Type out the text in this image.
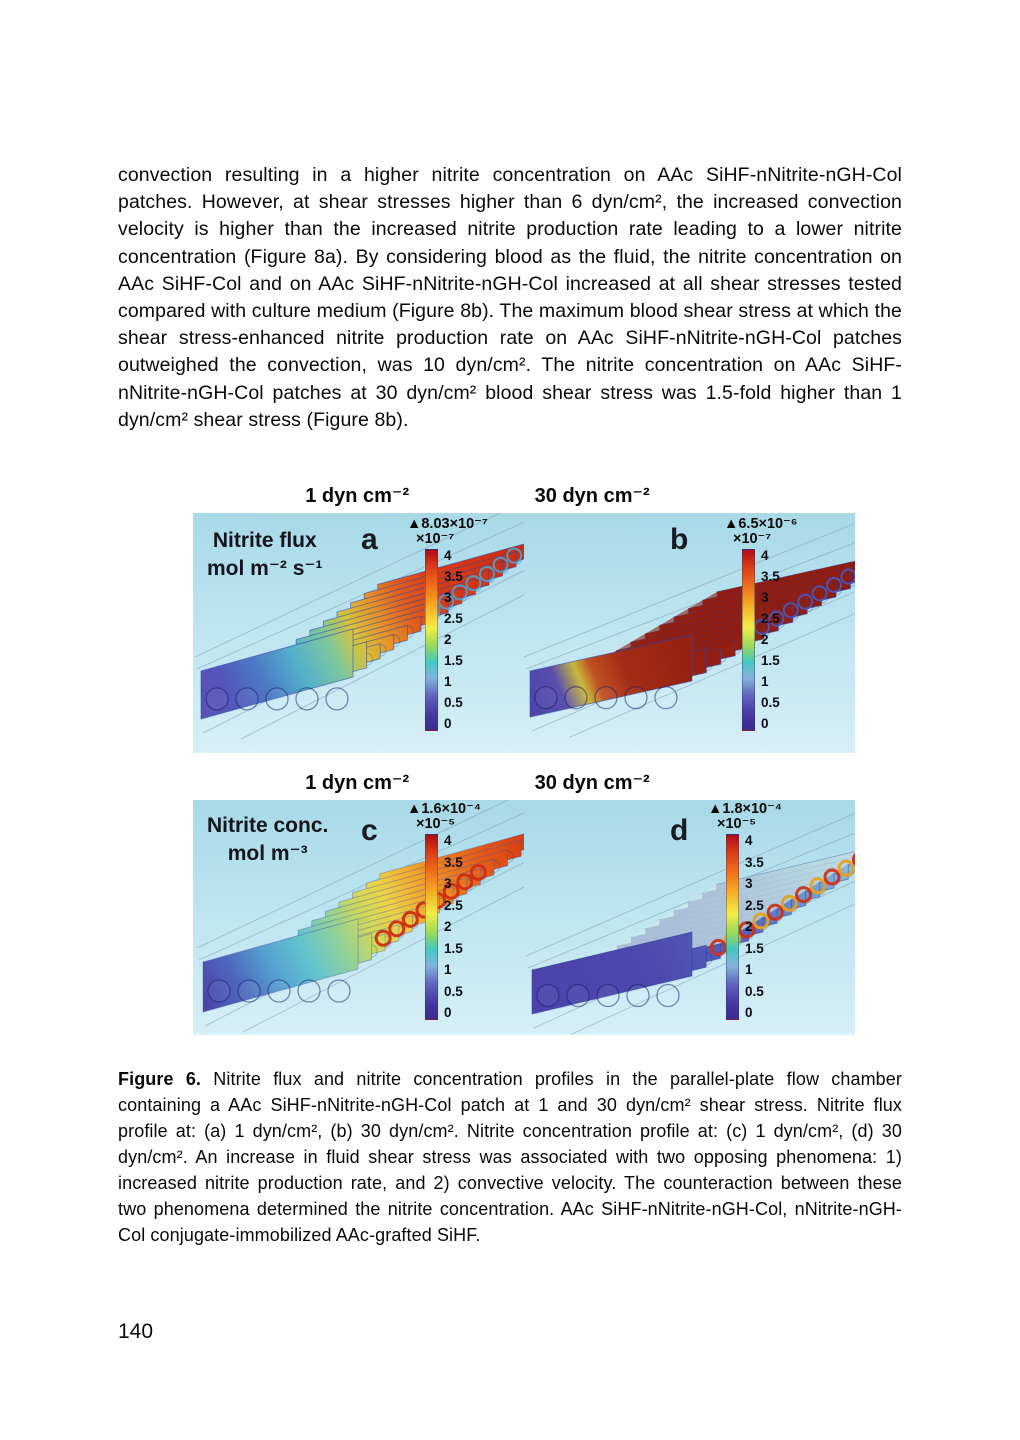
convection resulting in a higher nitrite concentration on AAc SiHF-nNitrite-nGH-Col patches. However, at shear stresses higher than 6 dyn/cm², the increased convection velocity is higher than the increased nitrite production rate leading to a lower nitrite concentration (Figure 8a). By considering blood as the fluid, the nitrite concentration on AAc SiHF-Col and on AAc SiHF-nNitrite-nGH-Col increased at all shear stresses tested compared with culture medium (Figure 8b). The maximum blood shear stress at which the shear stress-enhanced nitrite production rate on AAc SiHF-nNitrite-nGH-Col patches outweighed the convection, was 10 dyn/cm². The nitrite concentration on AAc SiHF-nNitrite-nGH-Col patches at 30 dyn/cm² blood shear stress was 1.5-fold higher than 1 dyn/cm² shear stress (Figure 8b).

1 dyn cm⁻²	30 dyn cm⁻²
Nitrite flux
mol m⁻² s⁻¹
a ▲8.03×10⁻⁷
×10⁻⁷
4
3.5
3
2.5
2
1.5
1
0.5
0
b ▲6.5×10⁻⁶
×10⁻⁷
4
3.5
3
2.5
2
1.5
1
0.5
0
1 dyn cm⁻²	30 dyn cm⁻²
Nitrite conc.
mol m⁻³
c
▲1.6×10⁻⁴
×10⁻⁵
4
3.5
3
2.5
2
1.5
1
0.5
0
d
▲1.8×10⁻⁴
×10⁻⁵
4
3.5
3
2.5
2
1.5
1
0.5
0

Figure 6. Nitrite flux and nitrite concentration profiles in the parallel-plate flow chamber containing a AAc SiHF-nNitrite-nGH-Col patch at 1 and 30 dyn/cm² shear stress. Nitrite flux profile at: (a) 1 dyn/cm², (b) 30 dyn/cm². Nitrite concentration profile at: (c) 1 dyn/cm², (d) 30 dyn/cm². An increase in fluid shear stress was associated with two opposing phenomena: 1) increased nitrite production rate, and 2) convective velocity. The counteraction between these two phenomena determined the nitrite concentration. AAc SiHF-nNitrite-nGH-Col, nNitrite-nGH-Col conjugate-immobilized AAc-grafted SiHF.

140
